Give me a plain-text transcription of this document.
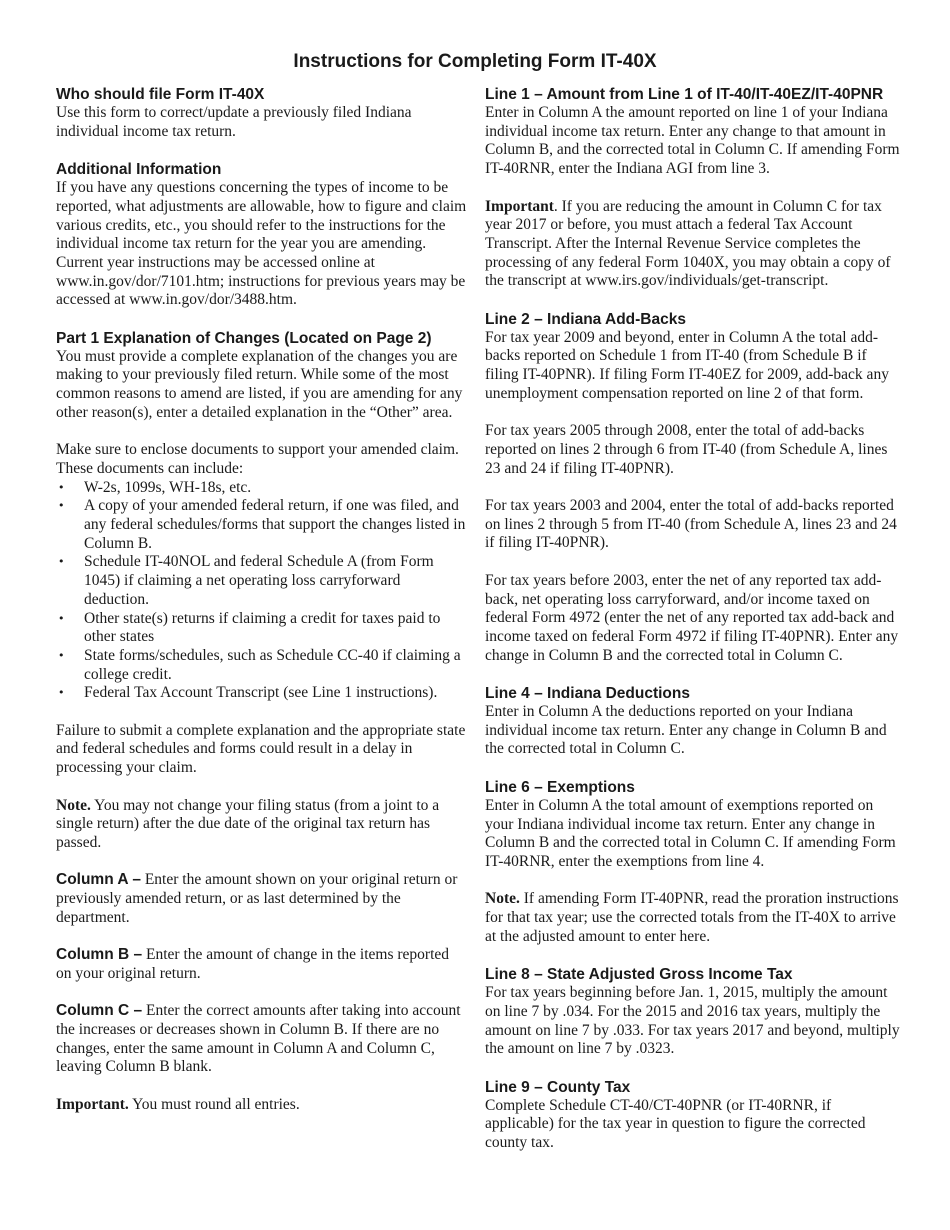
Instructions for Completing Form IT-40X
Who should file Form IT-40X

Use this form to correct/update a previously filed Indiana individual income tax return.

Additional Information

If you have any questions concerning the types of income to be reported, what adjustments are allowable, how to figure and claim various credits, etc., you should refer to the instructions for the individual income tax return for the year you are amending. Current year instructions may be accessed online at www.in.gov/dor/7101.htm; instructions for previous years may be accessed at www.in.gov/dor/3488.htm.

Part 1 Explanation of Changes (Located on Page 2)

You must provide a complete explanation of the changes you are making to your previously filed return. While some of the most common reasons to amend are listed, if you are amending for any other reason(s), enter a detailed explanation in the “Other” area.

Make sure to enclose documents to support your amended claim. These documents can include:

• W-2s, 1099s, WH-18s, etc.
• A copy of your amended federal return, if one was filed, and any federal schedules/forms that support the changes listed in Column B.
• Schedule IT-40NOL and federal Schedule A (from Form 1045) if claiming a net operating loss carryforward deduction.
• Other state(s) returns if claiming a credit for taxes paid to other states
• State forms/schedules, such as Schedule CC-40 if claiming a college credit.
• Federal Tax Account Transcript (see Line 1 instructions).

Failure to submit a complete explanation and the appropriate state and federal schedules and forms could result in a delay in processing your claim.

Note. You may not change your filing status (from a joint to a single return) after the due date of the original tax return has passed.

Column A – Enter the amount shown on your original return or previously amended return, or as last determined by the department.

Column B – Enter the amount of change in the items reported on your original return.

Column C – Enter the correct amounts after taking into account the increases or decreases shown in Column B. If there are no changes, enter the same amount in Column A and Column C, leaving Column B blank.

Important. You must round all entries.

Line 1 – Amount from Line 1 of IT-40/IT-40EZ/IT-40PNR

Enter in Column A the amount reported on line 1 of your Indiana individual income tax return. Enter any change to that amount in Column B, and the corrected total in Column C. If amending Form IT-40RNR, enter the Indiana AGI from line 3.

Important. If you are reducing the amount in Column C for tax year 2017 or before, you must attach a federal Tax Account Transcript. After the Internal Revenue Service completes the processing of any federal Form 1040X, you may obtain a copy of the transcript at www.irs.gov/individuals/get-transcript.

Line 2 – Indiana Add-Backs

For tax year 2009 and beyond, enter in Column A the total add-backs reported on Schedule 1 from IT-40 (from Schedule B if filing IT-40PNR). If filing Form IT-40EZ for 2009, add-back any unemployment compensation reported on line 2 of that form.

For tax years 2005 through 2008, enter the total of add-backs reported on lines 2 through 6 from IT-40 (from Schedule A, lines 23 and 24 if filing IT-40PNR).

For tax years 2003 and 2004, enter the total of add-backs reported on lines 2 through 5 from IT-40 (from Schedule A, lines 23 and 24 if filing IT-40PNR).

For tax years before 2003, enter the net of any reported tax add-back, net operating loss carryforward, and/or income taxed on federal Form 4972 (enter the net of any reported tax add-back and income taxed on federal Form 4972 if filing IT-40PNR). Enter any change in Column B and the corrected total in Column C.

Line 4 – Indiana Deductions

Enter in Column A the deductions reported on your Indiana individual income tax return. Enter any change in Column B and the corrected total in Column C.

Line 6 – Exemptions

Enter in Column A the total amount of exemptions reported on your Indiana individual income tax return. Enter any change in Column B and the corrected total in Column C. If amending Form IT-40RNR, enter the exemptions from line 4.

Note. If amending Form IT-40PNR, read the proration instructions for that tax year; use the corrected totals from the IT-40X to arrive at the adjusted amount to enter here.

Line 8 – State Adjusted Gross Income Tax

For tax years beginning before Jan. 1, 2015, multiply the amount on line 7 by .034. For the 2015 and 2016 tax years, multiply the amount on line 7 by .033. For tax years 2017 and beyond, multiply the amount on line 7 by .0323.

Line 9 – County Tax

Complete Schedule CT-40/CT-40PNR (or IT-40RNR, if applicable) for the tax year in question to figure the corrected county tax.
